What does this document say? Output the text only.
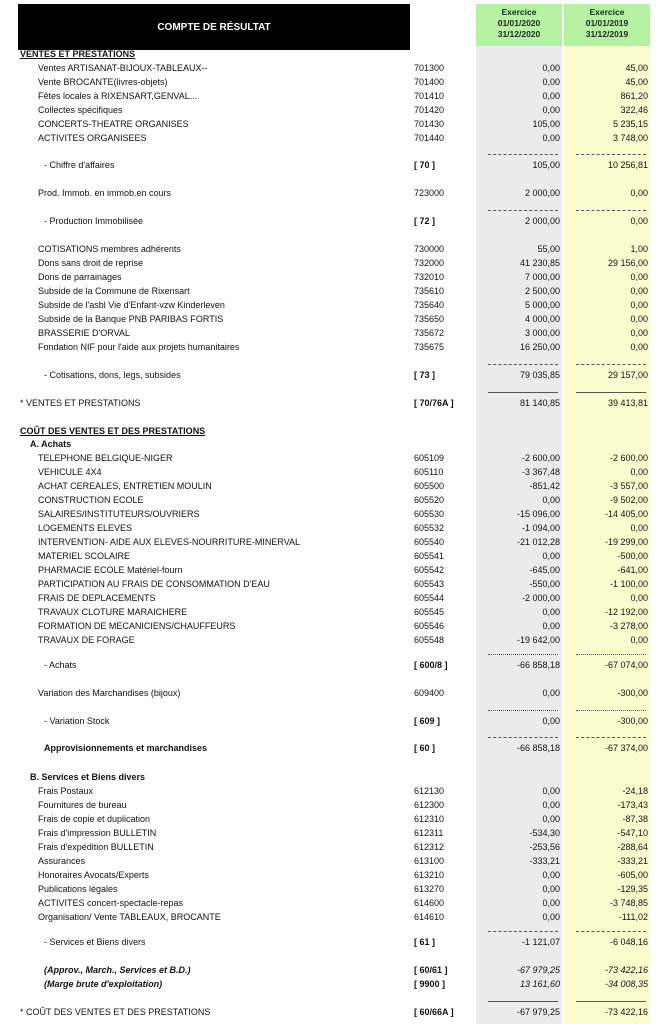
COMPTE DE RÉSULTAT
Exercice
01/01/2020
31/12/2020
Exercice
01/01/2019
31/12/2019
VENTES ET PRESTATIONS
Ventes ARTISANAT-BIJOUX-TABLEAUX--	701300	0,00	45,00
Vente BROCANTE(livres-objets)	701400	0,00	45,00
Fêtes locales à RIXENSART,GENVAL...	701410	0,00	861,20
Collectes spécifiques	701420	0,00	322,46
CONCERTS-THEATRE ORGANISES	701430	105,00	5 235,15
ACTIVITES ORGANISEES	701440	0,00	3 748,00
- Chiffre d'affaires	[ 70 ]	105,00	10 256,81
Prod. Immob. en immob.en cours	723000	2 000,00	0,00
- Production Immobilisée	[ 72 ]	2 000,00	0,00
COTISATIONS membres adhérents	730000	55,00	1,00
Dons sans droit de reprise	732000	41 230,85	29 156,00
Dons de parrainages	732010	7 000,00	0,00
Subside de la Commune de Rixensart	735610	2 500,00	0,00
Subside de l'asbl Vie d'Enfant-vzw Kinderleven	735640	5 000,00	0,00
Subside de la Banque PNB PARIBAS FORTIS	735650	4 000,00	0,00
BRASSERIE D'ORVAL	735672	3 000,00	0,00
Fondation NIF pour l'aide aux projets humanitaires	735675	16 250,00	0,00
- Cotisations, dons, legs, subsides	[ 73 ]	79 035,85	29 157,00
* VENTES ET PRESTATIONS	[ 70/76A ]	81 140,85	39 413,81
COÛT DES VENTES ET DES PRESTATIONS
A. Achats
TELEPHONE BELGIQUE-NIGER	605109	-2 600,00	-2 600,00
VEHICULE 4X4	605110	-3 367,48	0,00
ACHAT CEREALES, ENTRETIEN MOULIN	605500	-851,42	-3 557,00
CONSTRUCTION ECOLE	605520	0,00	-9 502,00
SALAIRES/INSTITUTEURS/OUVRIERS	605530	-15 096,00	-14 405,00
LOGEMENTS ELEVES	605532	-1 094,00	0,00
INTERVENTION- AIDE AUX ELEVES-NOURRITURE-MINERVAL	605540	-21 012,28	-19 299,00
MATERIEL SCOLAIRE	605541	0,00	-500,00
PHARMACIE ECOLE Matériel-fourn	605542	-645,00	-641,00
PARTICIPATION AU FRAIS DE CONSOMMATION D'EAU	605543	-550,00	-1 100,00
FRAIS DE DEPLACEMENTS	605544	-2 000,00	0,00
TRAVAUX CLOTURE MARAICHERE	605545	0,00	-12 192,00
FORMATION DE MECANICIENS/CHAUFFEURS	605546	0,00	-3 278,00
TRAVAUX DE FORAGE	605548	-19 642,00	0,00
- Achats	[ 600/8 ]	-66 858,18	-67 074,00
Variation des Marchandises (bijoux)	609400	0,00	-300,00
- Variation Stock	[ 609 ]	0,00	-300,00
Approvisionnements et marchandises	[ 60 ]	-66 858,18	-67 374,00
B. Services et Biens divers
Frais Postaux	612130	0,00	-24,18
Fournitures de bureau	612300	0,00	-173,43
Frais de copie et duplication	612310	0,00	-87,38
Frais d'impression BULLETIN	612311	-534,30	-547,10
Frais d'expédition BULLETIN	612312	-253,56	-288,64
Assurances	613100	-333,21	-333,21
Honoraires Avocats/Experts	613210	0,00	-605,00
Publications légales	613270	0,00	-129,35
ACTIVITES concert-spectacle-repas	614600	0,00	-3 748,85
Organisation/ Vente TABLEAUX, BROCANTE	614610	0,00	-111,02
- Services et Biens divers	[ 61 ]	-1 121,07	-6 048,16
(Approv., March., Services et B.D.)	[ 60/61 ]	-67 979,25	-73 422,16
(Marge brute d'exploitation)	[ 9900 ]	13 161,60	-34 008,35
* COÛT DES VENTES ET DES PRESTATIONS	[ 60/66A ]	-67 979,25	-73 422,16
